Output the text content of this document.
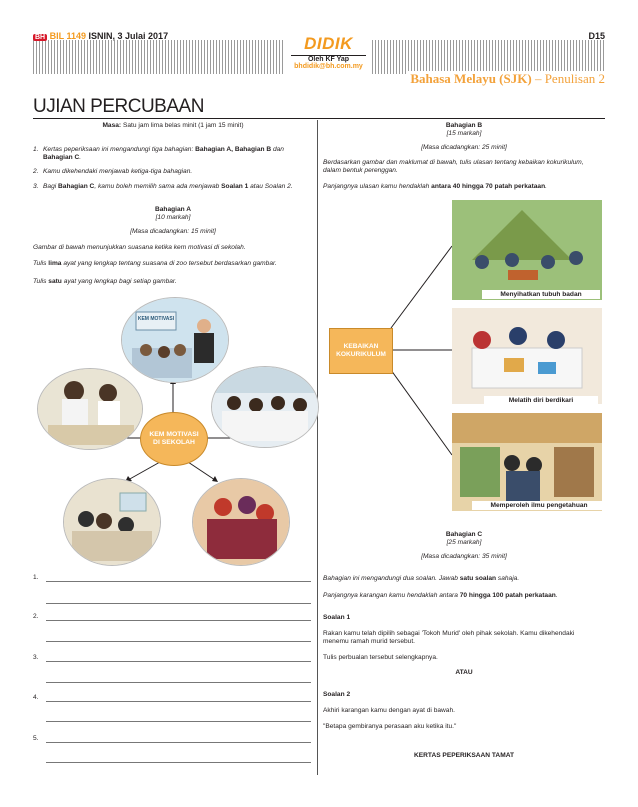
BH BIL 1149 ISNIN, 3 Julai 2017	DIDIK
Oleh KF Yap
bhdidik@bh.com.my
D15
Bahasa Melayu (SJK) – Penulisan 2
UJIAN PERCUBAAN
Masa: Satu jam lima belas minit (1 jam 15 minit)
1. Kertas peperiksaan ini mengandungi tiga bahagian: Bahagian A, Bahagian B dan Bahagian C.
2. Kamu dikehendaki menjawab ketiga-tiga bahagian.
3. Bagi Bahagian C, kamu boleh memilih sama ada menjawab Soalan 1 atau Soalan 2.
Bahagian A
[10 markah]
[Masa dicadangkan: 15 minit]
Gambar di bawah menunjukkan suasana ketika kem motivasi di sekolah.
Tulis lima ayat yang lengkap tentang suasana di zoo tersebut berdasarkan gambar.
Tulis satu ayat yang lengkap bagi setiap gambar.
KEM MOTIVASI
KEM MOTIVASI DI SEKOLAH
1.
2.
3.
4.
5.
Bahagian B
[15 markah]
[Masa dicadangkan: 25 minit]
Berdasarkan gambar dan maklumat di bawah, tulis ulasan tentang kebaikan kokurikulum, dalam bentuk perenggan.
Panjangnya ulasan kamu hendaklah antara 40 hingga 70 patah perkataan.
KEBAIKAN KOKURIKULUM
Menyihatkan tubuh badan
Melatih diri berdikari
Memperoleh ilmu pengetahuan
Bahagian C
[25 markah]
[Masa dicadangkan: 35 minit]
Bahagian ini mengandungi dua soalan. Jawab satu soalan sahaja.
Panjangnya karangan kamu hendaklah antara 70 hingga 100 patah perkataan.
Soalan 1
Rakan kamu telah dipilih sebagai 'Tokoh Murid' oleh pihak sekolah. Kamu dikehendaki menemu ramah murid tersebut.
Tulis perbualan tersebut selengkapnya.
ATAU
Soalan 2
Akhiri karangan kamu dengan ayat di bawah.
"Betapa gembiranya perasaan aku ketika itu."
KERTAS PEPERIKSAAN TAMAT
